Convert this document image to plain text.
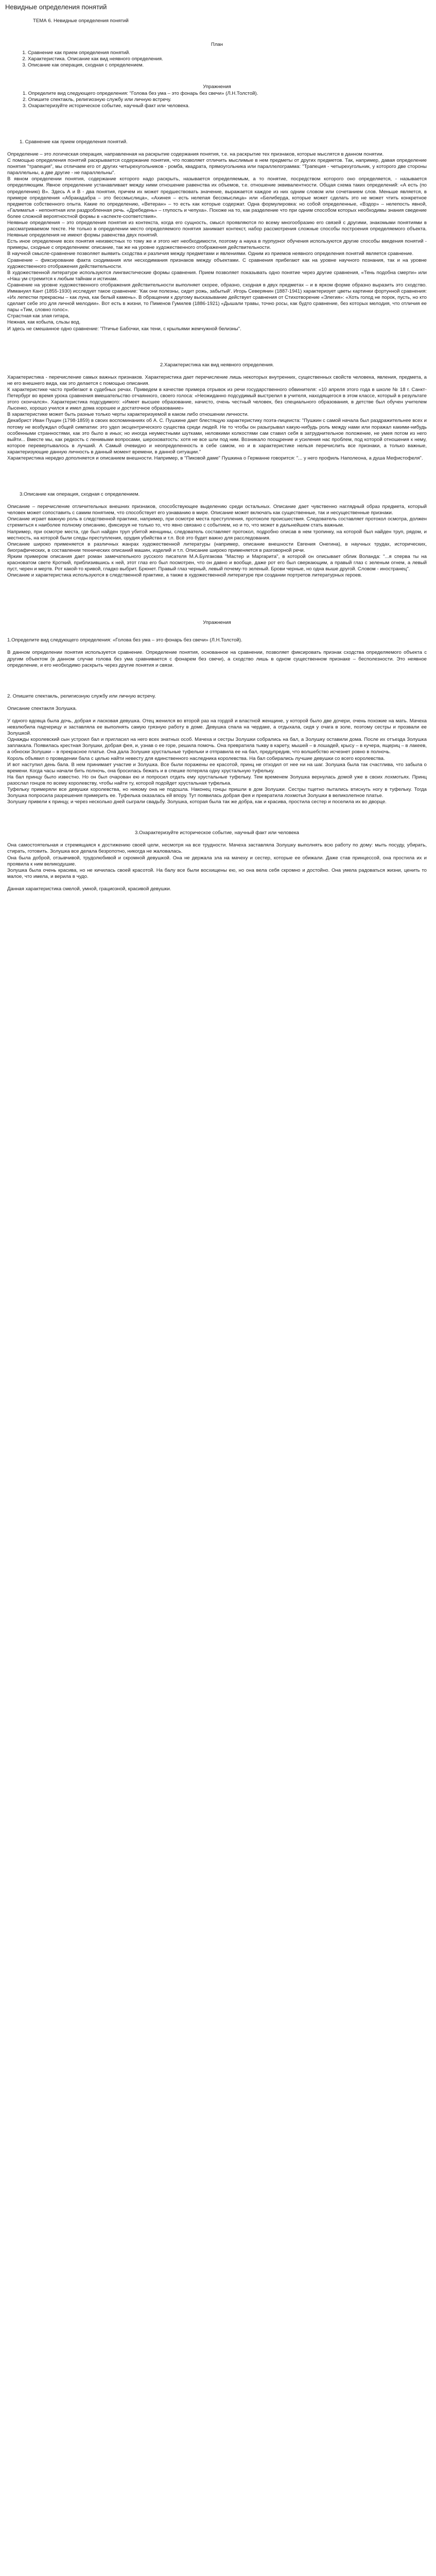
Невидные определения понятий

ТЕМА 6. Невидные определения понятий

План

1. Сравнение как прием определения понятий.
2. Характеристика. Описание как вид неявного определения.
3. Описание как операция, сходная с определением.

Упражнения

1. Определите вид следующего определения: "Голова без ума – это фонарь без свечи» (Л.Н.Толстой).

2. Опишите спектакль, религиозную службу или личную встречу.

3. Охарактеризуйте историческое событие, научный факт или человека.

1. Сравнение как прием определения понятий.

Определение – это логическая операция, направленная на раскрытие содержания понятия, т.е. на раскрытие тех признаков, которые мыслятся в данном понятии.

С помощью определения понятий раскрывается содержание понятия, что позволяет отличить мыслимые в нем предметы от других предметов. Так, например, давая определение понятия "трапеция", мы отличаем его от других четырехугольников - ромба, квадрата, прямоугольника или параллелограмма: "Трапеция - четырехугольник, у которого две стороны параллельны, а две другие - не параллельны".

В явном определении понятия, содержание которого надо раскрыть, называется определяемым, а то понятие, посредством которого оно определяется, - называется определяющим. Явное определение устанавливает между ними отношение равенства их объемов, т.е. отношение эквивалентности. Общая схема таких определений: «А есть (по определению) В». Здесь А и В - два понятия, причем их может предшествовать значение, выражается каждое из них одним словом или сочетанием слов. Меньше является, в примере определения «Абракадабра – это бессмыслица», «Ахинея – есть нелепая бессмыслица» или «Белиберда, которые может сделать это не может чтить конкретное предметов собственного опыта. Какие по определению, «Ветеран» – то есть как которые содержат. Одна формулировка: но собой определенные, «Вздор» – нелепость явной, «Галиматья - непонятная или раздробленная речь. «Дребедень» – глупость и чепуха». Похоже на то, как разделение что при одним способом которых необходимы знания сведение более сложной вероятностной формы в «аспекте-соответствия».

Неявные определения – это определения понятия из контекста, когда его сущность, смысл проявляются по всему многообразию его связей с другими, знакомыми понятиями в рассматриваемом тексте. Не только в определении место определяемого понятия занимает контекст, набор рассмотрения сложные способы построения определяемого объекта. Неявные определения не имеют формы равенства двух понятий.

Есть иное определение всех понятия неизвестных то тому же и этого нет необходимости, поэтому а наука в пурпурног обучения используются другие способы введения понятий - примеры, сходные с определением: описание, так же на уровне художественного отображения действительности.

В научной смысле-сравнение позволяет выявить сходства и различия между предметами и явлениями. Одним из приемов неявного определения понятий является сравнение.

Сравнение – фиксирование факта сходимания или несходимания признаков между объектами. С сравнения прибегают как на уровне научного познания, так и на уровне художественного отображения действительности.

В художественной литературе используются лингвистические формы сравнения. Прием позволяет показывать одно понятие через другие сравнения, «Тень подобна смерти» или «Наш ум стремится к любым тайнам и истинам.

Сравнение на уровне художественного отображения действительности выполняет скорее, образно, сходная в двух предметах – и в ярком форме образно выразить это сходство. Иммануил Кант (1855-1930) исследует такое сравнение: 'Как они полезны, сидит рожь, забытый'. Игорь Северянин (1887-1941) характеризует цветы картинки фортунной сравнения: «Их лепестки прекрасны – как луна, как белый камень». В обращении к другому высказывание действует сравнения от Стихотворение «Элегия»: «Хоть голод не порок, пусть, но кто сделает себе это для личной мелодии». Вот есть в жизни, то Пименов Гумилев (1886-1921) «Дышали травы, точно росы, как будто сравнение, без которых мелодия, что отличия ее пары «Тим, словно голос».

Страстная как злая гитара,

Нежная, как кобыла, сльзы вод.

И здесь не смешанное одно сравнение: "Птичье Бабочки, как тени, с крыльями жемчужной белизны".

2.Характеристика как вид неявного определения.

Характеристика - перечисление самых важных признаков. Характеристика дает перечисление лишь некоторых внутренних, существенных свойств человека, явления, предмета, а не его внешнего вида, как это делается с помощью описания.

К характеристике часто прибегают в судебных речах. Приведем в качестве примера отрывок из речи государственного обвинителя: «10 апреля этого года в школе № 18 г. Санкт-Петербург во время урока сравнения вмешательство отчаянного, своего голоса: «Неожиданно подсудимый выстрелил в учителя, находящегося в этом классе, который в результате этого скончался». Характеристика подсудимого: «Имеет высшее образование, начисто, очень честный человек, без специального образования, в детстве был обучен учителем Лысенко, хорошо учился и имел дома хорошее и достаточное образование»

В характеристике может быть разные только черты характеризуемой в каком либо отношении личности.

Декабрист Иван Пущин (1798-1859) в своих воспоминаниях об А. С. Пушкине дает блестящую характеристику поэта-лицеиста: "Пушкин с самой начала был раздражительнее всех и потому не возбуждал общей симпатии: это удел эксцентрического существа среди людей. Не то чтобы он разыгрывал какую-нибудь роль между нами или поражал какими-нибудь особенными странностями, как это было в иных; но иногда неуместными шутками, неловкими колкостями сам ставил себя в затруднительное положение, не умея потом из него выйти... Вместе мы, как редкость с ленивыми вопросами, шероховатость: хотя не все шли под ним. Возникало поощрение и усиления нас проблем, под которой отношения к нему, которое перевертывалось в лучший. А Самый очевидно и неопределенность в себе самом, но и в характеристике нельзя перечислить все признаки, а только важные, характеризующие данную личность в данный момент времени, в данной ситуации."

Характеристика нередко дополняется и описанием внешности. Например, в "Пиковой даме" Пушкина о Германне говорится: "... у него профиль Наполеона, а душа Мефистофеля".

3.Описание как операция, сходная с определением.

Описание – перечисление отличительных внешних признаков, способствующее выделению среди остальных. Описание дает чувственно наглядный образ предмета, который человек может сопоставить с самим понятием, что способствует его узнаванию в мире. Описание может включать как существенные, так и несущественные признаки.

Описание играет важную роль в следственной практике, например, при осмотре места преступления, протоколе происшествия. Следователь составляет протокол осмотра, должен стремиться к наиболее полному описанию, фиксируя не только то, что явно связано с событием, но и то, что может в дальнейшем стать важным.

Например, при осмотре места, где был найден труп убитой женщины, следователь составляет протокол, подробно описав в нем тропинку, на которой был найден труп, рядом, и местность, на которой были следы преступления, орудия убийства и т.п. Всё это будет важно для расследования.

Описание широко применяется в различных жанрах художественной литературы (например, описание внешности Евгения Онегина), в научных трудах, исторических, биографических, в составлении технических описаний машин, изделий и т.п. Описание широко применяется в разговорной речи.

Ярким примером описания дает роман замечательного русского писателя М.А.Булгакова "Мастер и Маргарита", в которой он описывает облик Воланда: "...я сперва ты на красноватом свете Кроткий, приблизившись к ней, этот глаз его был посмотрен, что он давно и вообще, даже рот его был сверкающим, а правый глаз с зеленым огнем, а левый пуст, черен и мертв. Рот какой-то кривой, гладко выбрит. Брюнет. Правый глаз черный, левый почему-то зеленый. Брови черные, но одна выше другой. Словом - иностранец".

Описание и характеристика используются в следственной практике, а также в художественной литературе при создании портретов литературных героев.

Упражнения

1.Определите вид следующего определения: «Голова без ума – это фонарь без свечи» (Л.Н.Толстой).

В данном определении понятия используется сравнение. Определение понятия, основанное на сравнении, позволяет фиксировать признак сходства определяемого объекта с другим объектом (в данном случае голова без ума сравнивается с фонарем без свечи), а сходство лишь в одном существенном признаке – бесполезности. Это неявное определение, и его необходимо раскрыть через другие понятия и связи.

2. Опишите спектакль, религиозную службу или личную встречу.

Описание спектакля Золушка.

У одного вдовца была дочь, добрая и ласковая девушка. Отец женился во второй раз на гордой и властной женщине, у которой было две дочери, очень похожие на мать. Мачеха невзлюбила падчерицу и заставляла ее выполнять самую грязную работу в доме. Девушка спала на чердаке, а отдыхала, сидя у очага в золе, поэтому сестры и прозвали ее Золушкой.

Однажды королевский сын устроил бал и пригласил на него всех знатных особ. Мачеха и сестры Золушки собрались на бал, а Золушку оставили дома. После их отъезда Золушка заплакала. Появилась крестная Золушки, добрая фея, и, узнав о ее горе, решила помочь. Она превратила тыкву в карету, мышей – в лошадей, крысу – в кучера, ящериц – в лакеев, а обноски Золушки – в прекрасное платье. Она дала Золушке хрустальные туфельки и отправила ее на бал, предупредив, что волшебство исчезнет ровно в полночь.

Король объявил о проведении бала с целью найти невесту для единственного наследника королевства. На бал собирались лучшие девушки со всего королевства.

И вот наступил день бала. В нем принимает участие и Золушка. Все были поражены ее красотой, принц не отходил от нее ни на шаг. Золушка была так счастлива, что забыла о времени. Когда часы начали бить полночь, она бросилась бежать и в спешке потеряла одну хрустальную туфельку.

На бал принцу было известно. Но он был очарован ею и попросил отдать ему хрустальные туфельку. Тем временем Золушка вернулась домой уже в своих лохмотьях. Принц разослал гонцов по всему королевству, чтобы найти ту, которой подойдет хрустальная туфелька.

Туфельку примеряли все девушки королевства, но никому она не подошла. Наконец гонцы пришли в дом Золушки. Сестры тщетно пытались втиснуть ногу в туфельку. Тогда Золушка попросила разрешения примерить ее. Туфелька оказалась ей впору. Тут появилась добрая фея и превратила лохмотья Золушки в великолепное платье.

Золушку привели к принцу, и через несколько дней сыграли свадьбу. Золушка, которая была так же добра, как и красива, простила сестер и поселила их во дворце.

3.Охарактеризуйте историческое событие, научный факт или человека

Она самостоятельная и стремящаяся к достижению своей цели, несмотря на все трудности. Мачеха заставляла Золушку выполнять всю работу по дому: мыть посуду, убирать, стирать, готовить. Золушка все делала безропотно, никогда не жаловалась.

Она была доброй, отзывчивой, трудолюбивой и скромной девушкой. Она не держала зла на мачеху и сестер, которые ее обижали. Даже став принцессой, она простила их и проявила к ним великодушие.

Золушка была очень красива, но не кичилась своей красотой. На балу все были восхищены ею, но она вела себя скромно и достойно. Она умела радоваться жизни, ценить то малое, что имела, и верила в чудо.

Данная характеристика смелой, умной, грациозной, красивой девушки.
